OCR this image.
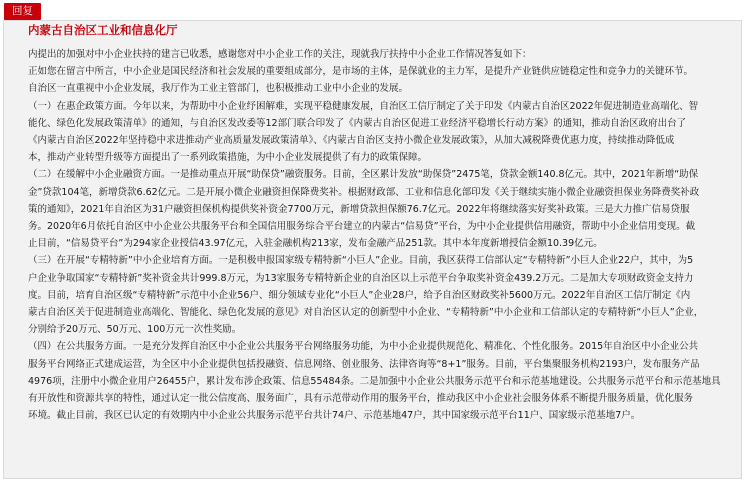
回复
内蒙古自治区工业和信息化厅

内提出的加强对中小企业扶持的建言已收悉，感谢您对中小企业工作的关注，现就我厅扶持中小企业工作情况答复如下：

正如您在留言中所言，中小企业是国民经济和社会发展的重要组成部分，是市场的主体，是保就业的主力军，是提升产业链供应链稳定性和竞争力的关键环节。

自治区一直重视中小企业发展，我厅作为工业主管部门，也积极推动工业中小企业的发展。

（一）在惠企政策方面。今年以来，为帮助中小企业纾困解难，实现平稳健康发展，自治区工信厅制定了关于印发《内蒙古自治区2022年促进制造业高端化、智

能化、绿色化发展政策清单》的通知，与自治区发改委等12部门联合印发了《内蒙古自治区促进工业经济平稳增长行动方案》的通知，推动自治区政府出台了

《内蒙古自治区2022年坚持稳中求进推动产业高质量发展政策清单》、《内蒙古自治区支持小微企业发展政策》，从加大减税降费优惠力度，持续推动降低成

本，推动产业转型升级等方面提出了一系列政策措施，为中小企业发展提供了有力的政策保障。

（二）在缓解中小企业融资方面。一是推动重点开展“助保贷”融资服务。目前，全区累计发放“助保贷”2475笔，贷款金额140.8亿元。其中，2021年新增“助保

金”贷款104笔，新增贷款6.62亿元。二是开展小微企业融资担保降费奖补。根据财政部、工业和信息化部印发《关于继续实施小微企业融资担保业务降费奖补政

策的通知》，2021年自治区为31户融资担保机构提供奖补资金7700万元，新增贷款担保额76.7亿元。2022年将继续落实好奖补政策。三是大力推广信易贷服

务。2020年6月依托自治区中小企业公共服务平台和全国信用服务综合平台建立的内蒙古“信易贷”平台，为中小企业提供信用融资，帮助中小企业信用变现。截

止目前，“信易贷平台”为294家企业授信43.97亿元，入驻金融机构213家，发布金融产品251款。其中本年度新增授信金额10.39亿元。

（三）在开展“专精特新”中小企业培育方面。一是积极申报国家级专精特新“小巨人”企业。目前，我区获得工信部认定“专精特新”小巨人企业22户，其中，为5

户企业争取国家“专精特新”奖补资金共计999.8万元，为13家服务专精特新企业的自治区以上示范平台争取奖补资金439.2万元。二是加大专项财政资金支持力

度。目前，培育自治区级“专精特新”示范中小企业56户、细分领域专业化“小巨人”企业28户，给予自治区财政奖补5600万元。2022年自治区工信厅制定《内

蒙古自治区关于促进制造业高端化、智能化、绿色化发展的意见》对自治区认定的创新型中小企业、“专精特新”中小企业和工信部认定的专精特新“小巨人”企业，

分别给予20万元、50万元、100万元一次性奖励。

（四）在公共服务方面。一是充分发挥自治区中小企业公共服务平台网络服务功能，为中小企业提供规范化、精准化、个性化服务。2015年自治区中小企业公共

服务平台网络正式建成运营，为全区中小企业提供包括投融资、信息网络、创业服务、法律咨询等“8+1”服务。目前，平台集聚服务机构2193户，发布服务产品

4976项，注册中小微企业用户26455户，累计发布涉企政策、信息55484条。二是加强中小企业公共服务示范平台和示范基地建设。公共服务示范平台和示范基地具

有开放性和资源共享的特性，通过认定一批公信度高、服务面广，具有示范带动作用的服务平台，推动我区中小企业社会服务体系不断提升服务质量，优化服务

环境。截止目前，我区已认定的有效期内中小企业公共服务示范平台共计74户、示范基地47户，其中国家级示范平台11户、国家级示范基地7户。
